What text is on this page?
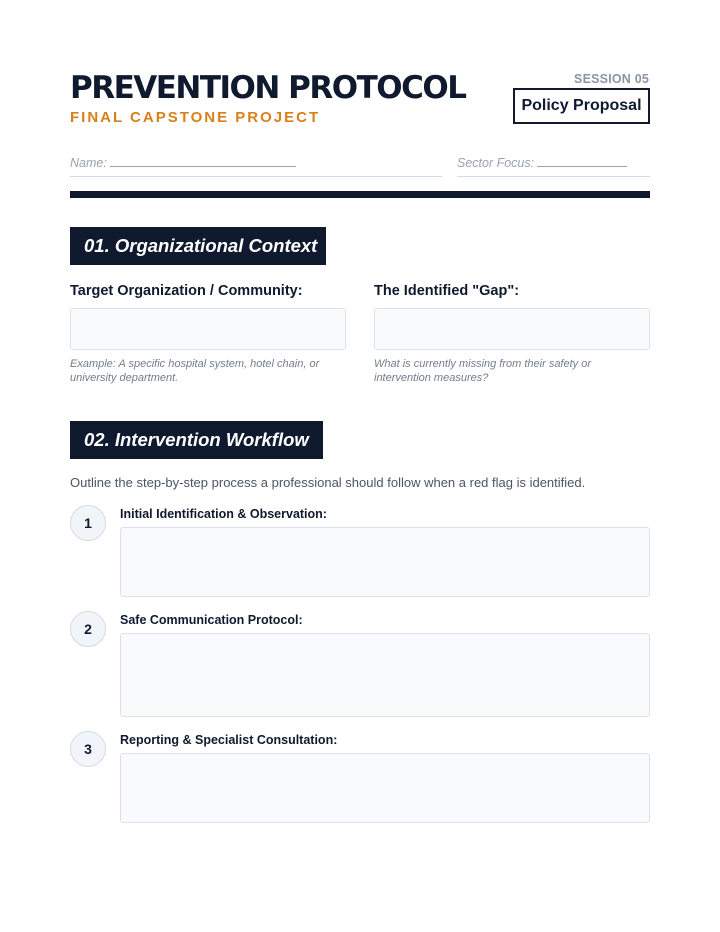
PREVENTION PROTOCOL
FINAL CAPSTONE PROJECT
SESSION 05
Policy Proposal
Name:	Sector Focus:
01. Organizational Context
Target Organization / Community:	The Identified "Gap":
Example: A specific hospital system, hotel chain, or university department.
What is currently missing from their safety or intervention measures?
02. Intervention Workflow
Outline the step-by-step process a professional should follow when a red flag is identified.
1
Initial Identification & Observation:
2
Safe Communication Protocol:
3
Reporting & Specialist Consultation:
